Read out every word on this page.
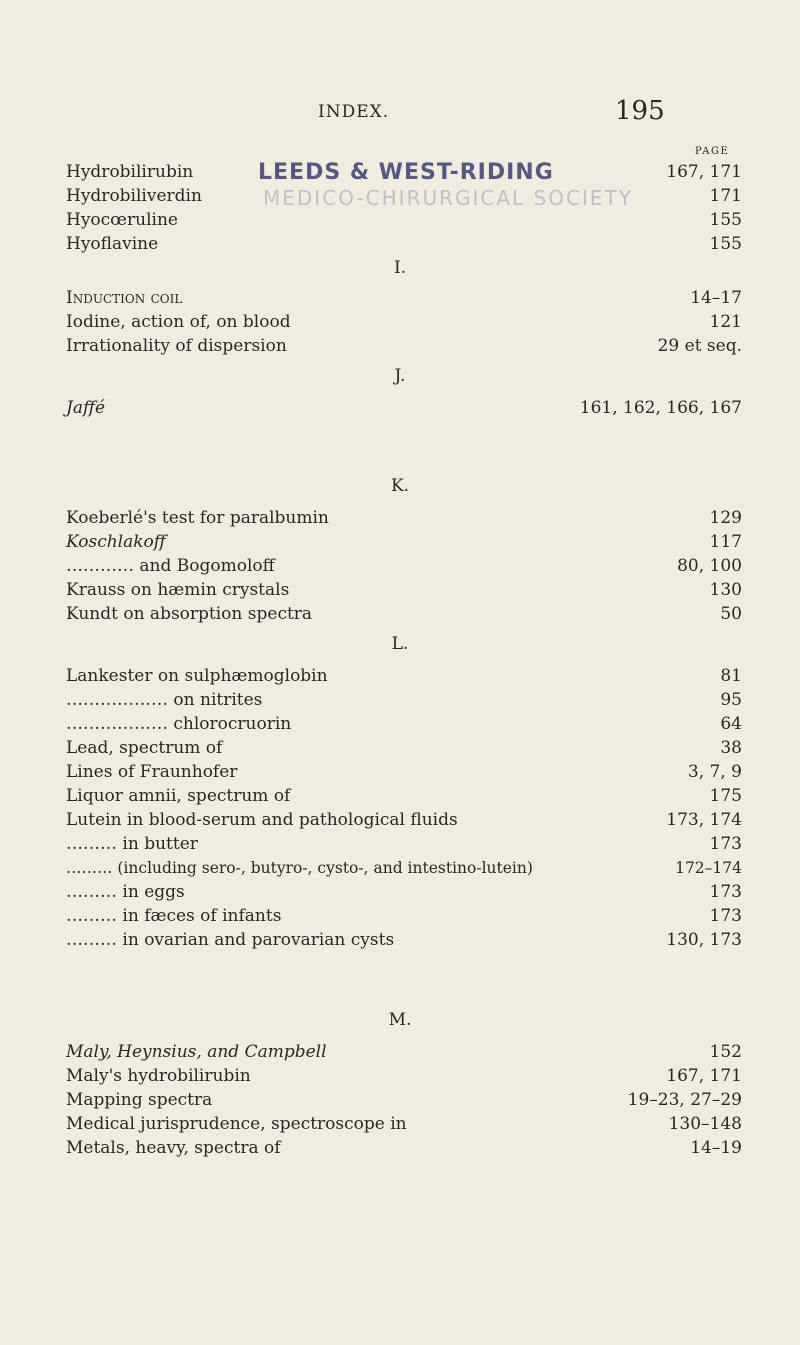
INDEX.	195
PAGE
LEEDS & WEST-RIDING
MEDICO-CHIRURGICAL SOCIETY
Hydrobilirubin	167, 171
Hydrobiliverdin	171
Hyocœruline	155
Hyoflavine	155
I.
Induction coil	14–17
Iodine, action of, on blood	121
Irrationality of dispersion	29 et seq.
J.
Jaffé	161, 162, 166, 167
K.
Koeberlé's test for paralbumin	129
Koschlakoff	117
………… and Bogomoloff	80, 100
Krauss on hæmin crystals	130
Kundt on absorption spectra	50
L.
Lankester on sulphæmoglobin	81
……………… on nitrites	95
……………… chlorocruorin	64
Lead, spectrum of	38
Lines of Fraunhofer	3, 7, 9
Liquor amnii, spectrum of	175
Lutein in blood-serum and pathological fluids	173, 174
……… in butter	173
……… (including sero-, butyro-, cysto-, and intestino-lutein)	172–174
……… in eggs	173
……… in fæces of infants	173
……… in ovarian and parovarian cysts	130, 173
M.
Maly, Heynsius, and Campbell	152
Maly's hydrobilirubin	167, 171
Mapping spectra	19–23, 27–29
Medical jurisprudence, spectroscope in	130–148
Metals, heavy, spectra of	14–19
